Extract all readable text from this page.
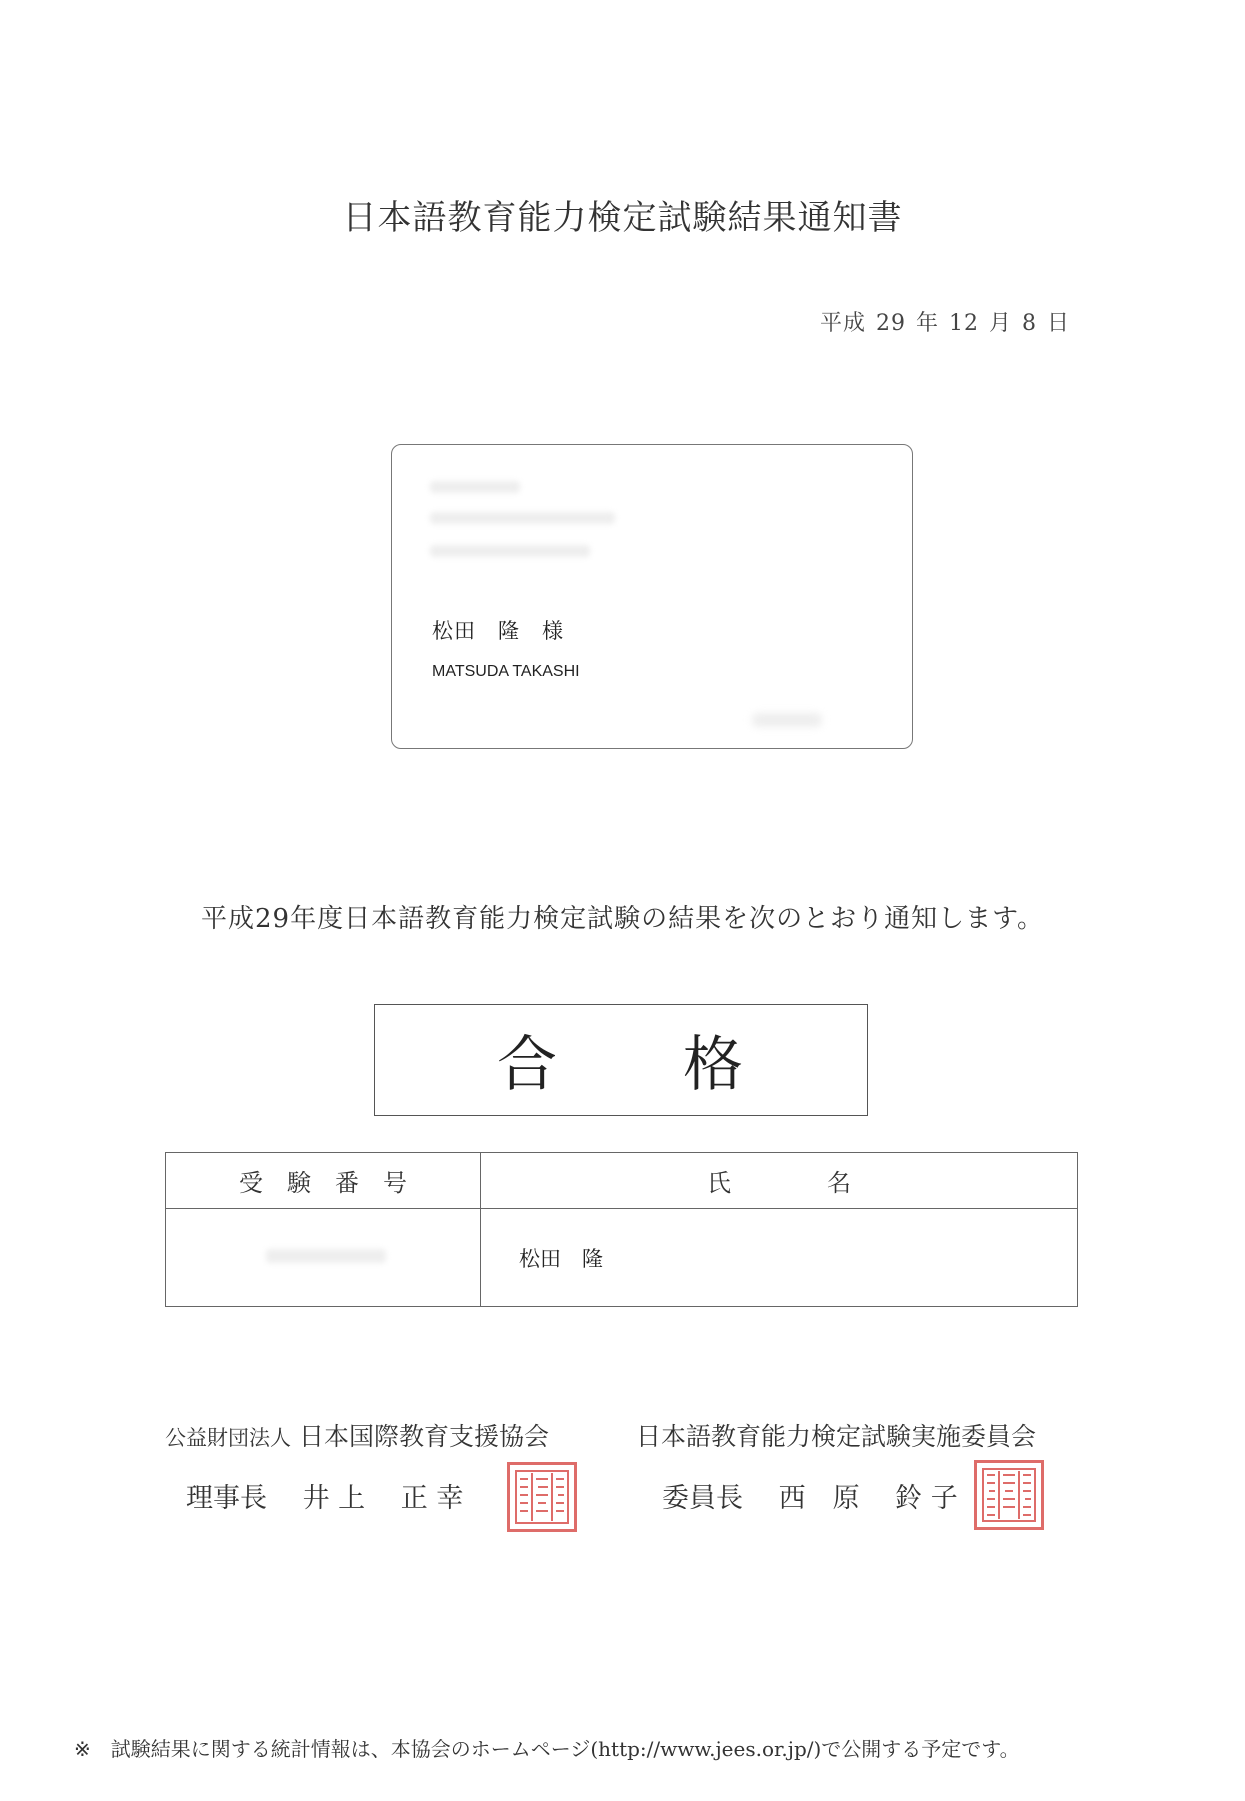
日本語教育能力検定試験結果通知書
平成 29 年 12 月 8 日
松田　隆　様
MATSUDA TAKASHI
平成29年度日本語教育能力検定試験の結果を次のとおり通知します。
合　　格
受　験　番　号	氏　　　　名

	松田　隆
公益財団法人 日本国際教育支援協会	日本語教育能力検定試験実施委員会
理事長　 井 上　 正 幸	委員長　 西　原　 鈴 子
※ 試験結果に関する統計情報は、本協会のホームページ(http://www.jees.or.jp/)で公開する予定です。
